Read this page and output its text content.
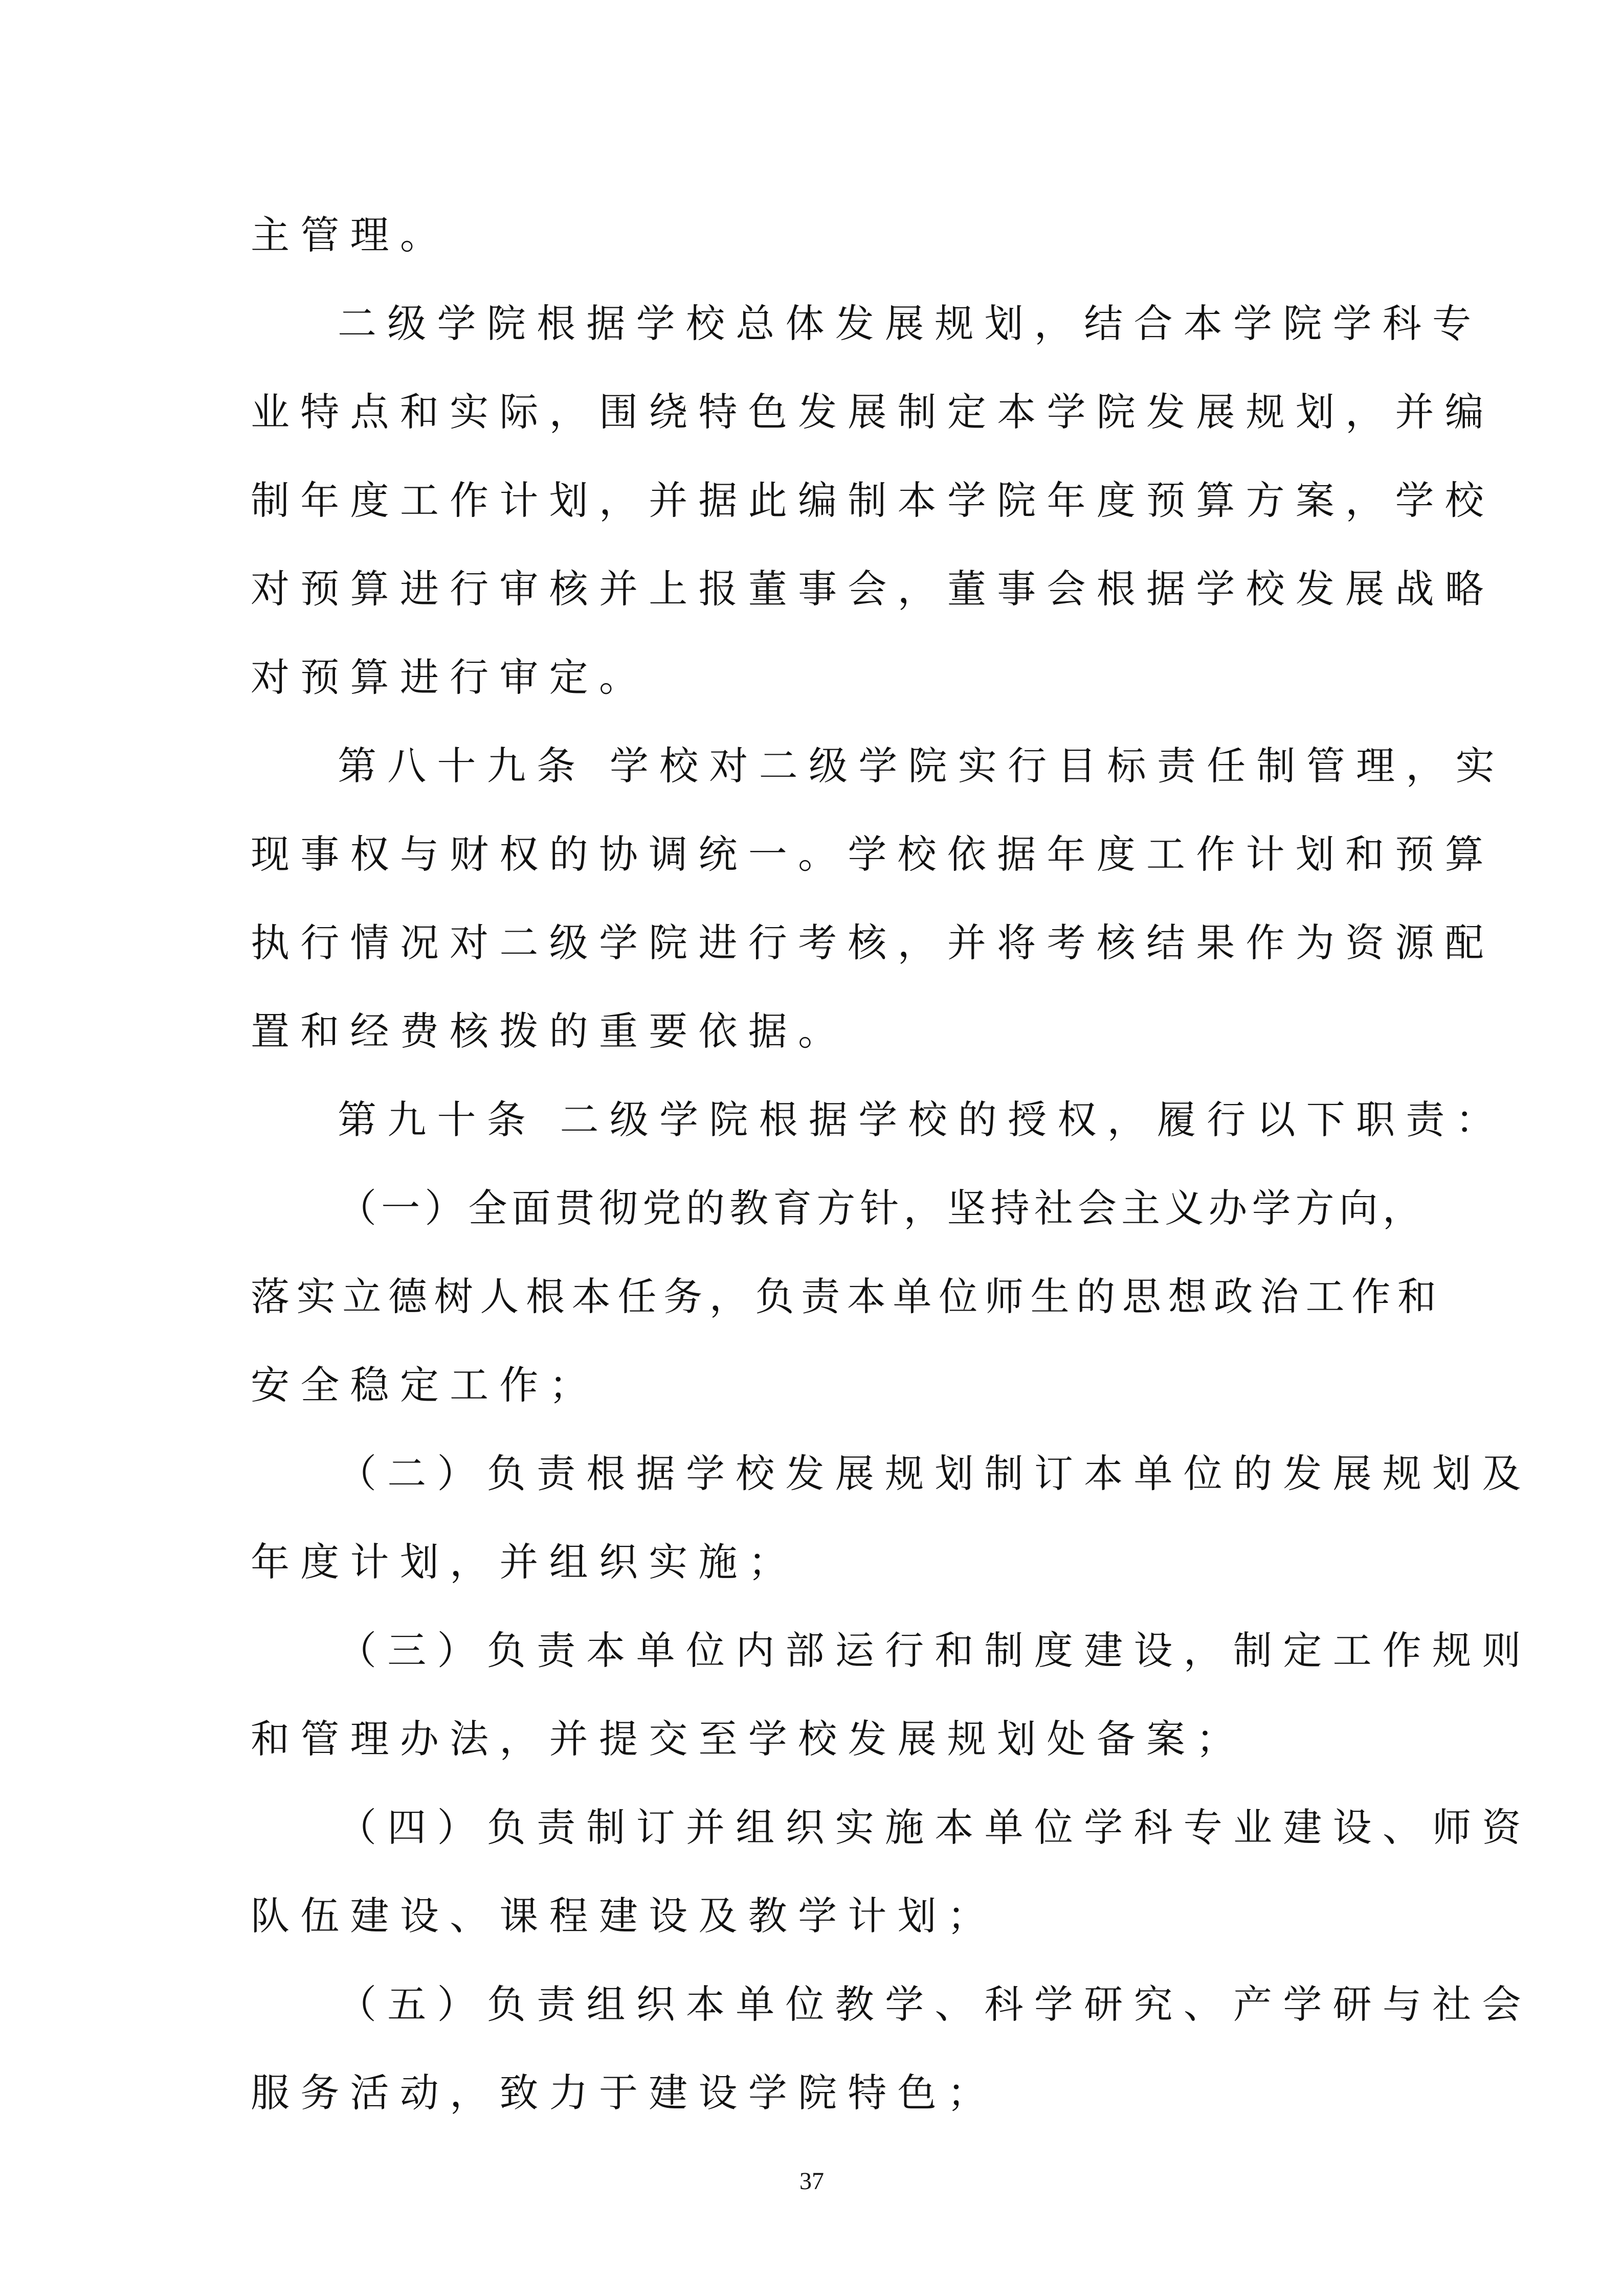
主管理。

二级学院根据学校总体发展规划，结合本学院学科专

业特点和实际，围绕特色发展制定本学院发展规划，并编

制年度工作计划，并据此编制本学院年度预算方案，学校

对预算进行审核并上报董事会，董事会根据学校发展战略

对预算进行审定。

第八十九条 学校对二级学院实行目标责任制管理，实

现事权与财权的协调统一。学校依据年度工作计划和预算

执行情况对二级学院进行考核，并将考核结果作为资源配

置和经费核拨的重要依据。

第九十条 二级学院根据学校的授权，履行以下职责：

（一）全面贯彻党的教育方针，坚持社会主义办学方向，

落实立德树人根本任务，负责本单位师生的思想政治工作和

安全稳定工作；

（二）负责根据学校发展规划制订本单位的发展规划及

年度计划，并组织实施；

（三）负责本单位内部运行和制度建设，制定工作规则

和管理办法，并提交至学校发展规划处备案；

（四）负责制订并组织实施本单位学科专业建设、师资

队伍建设、课程建设及教学计划；

（五）负责组织本单位教学、科学研究、产学研与社会

服务活动，致力于建设学院特色；

37
